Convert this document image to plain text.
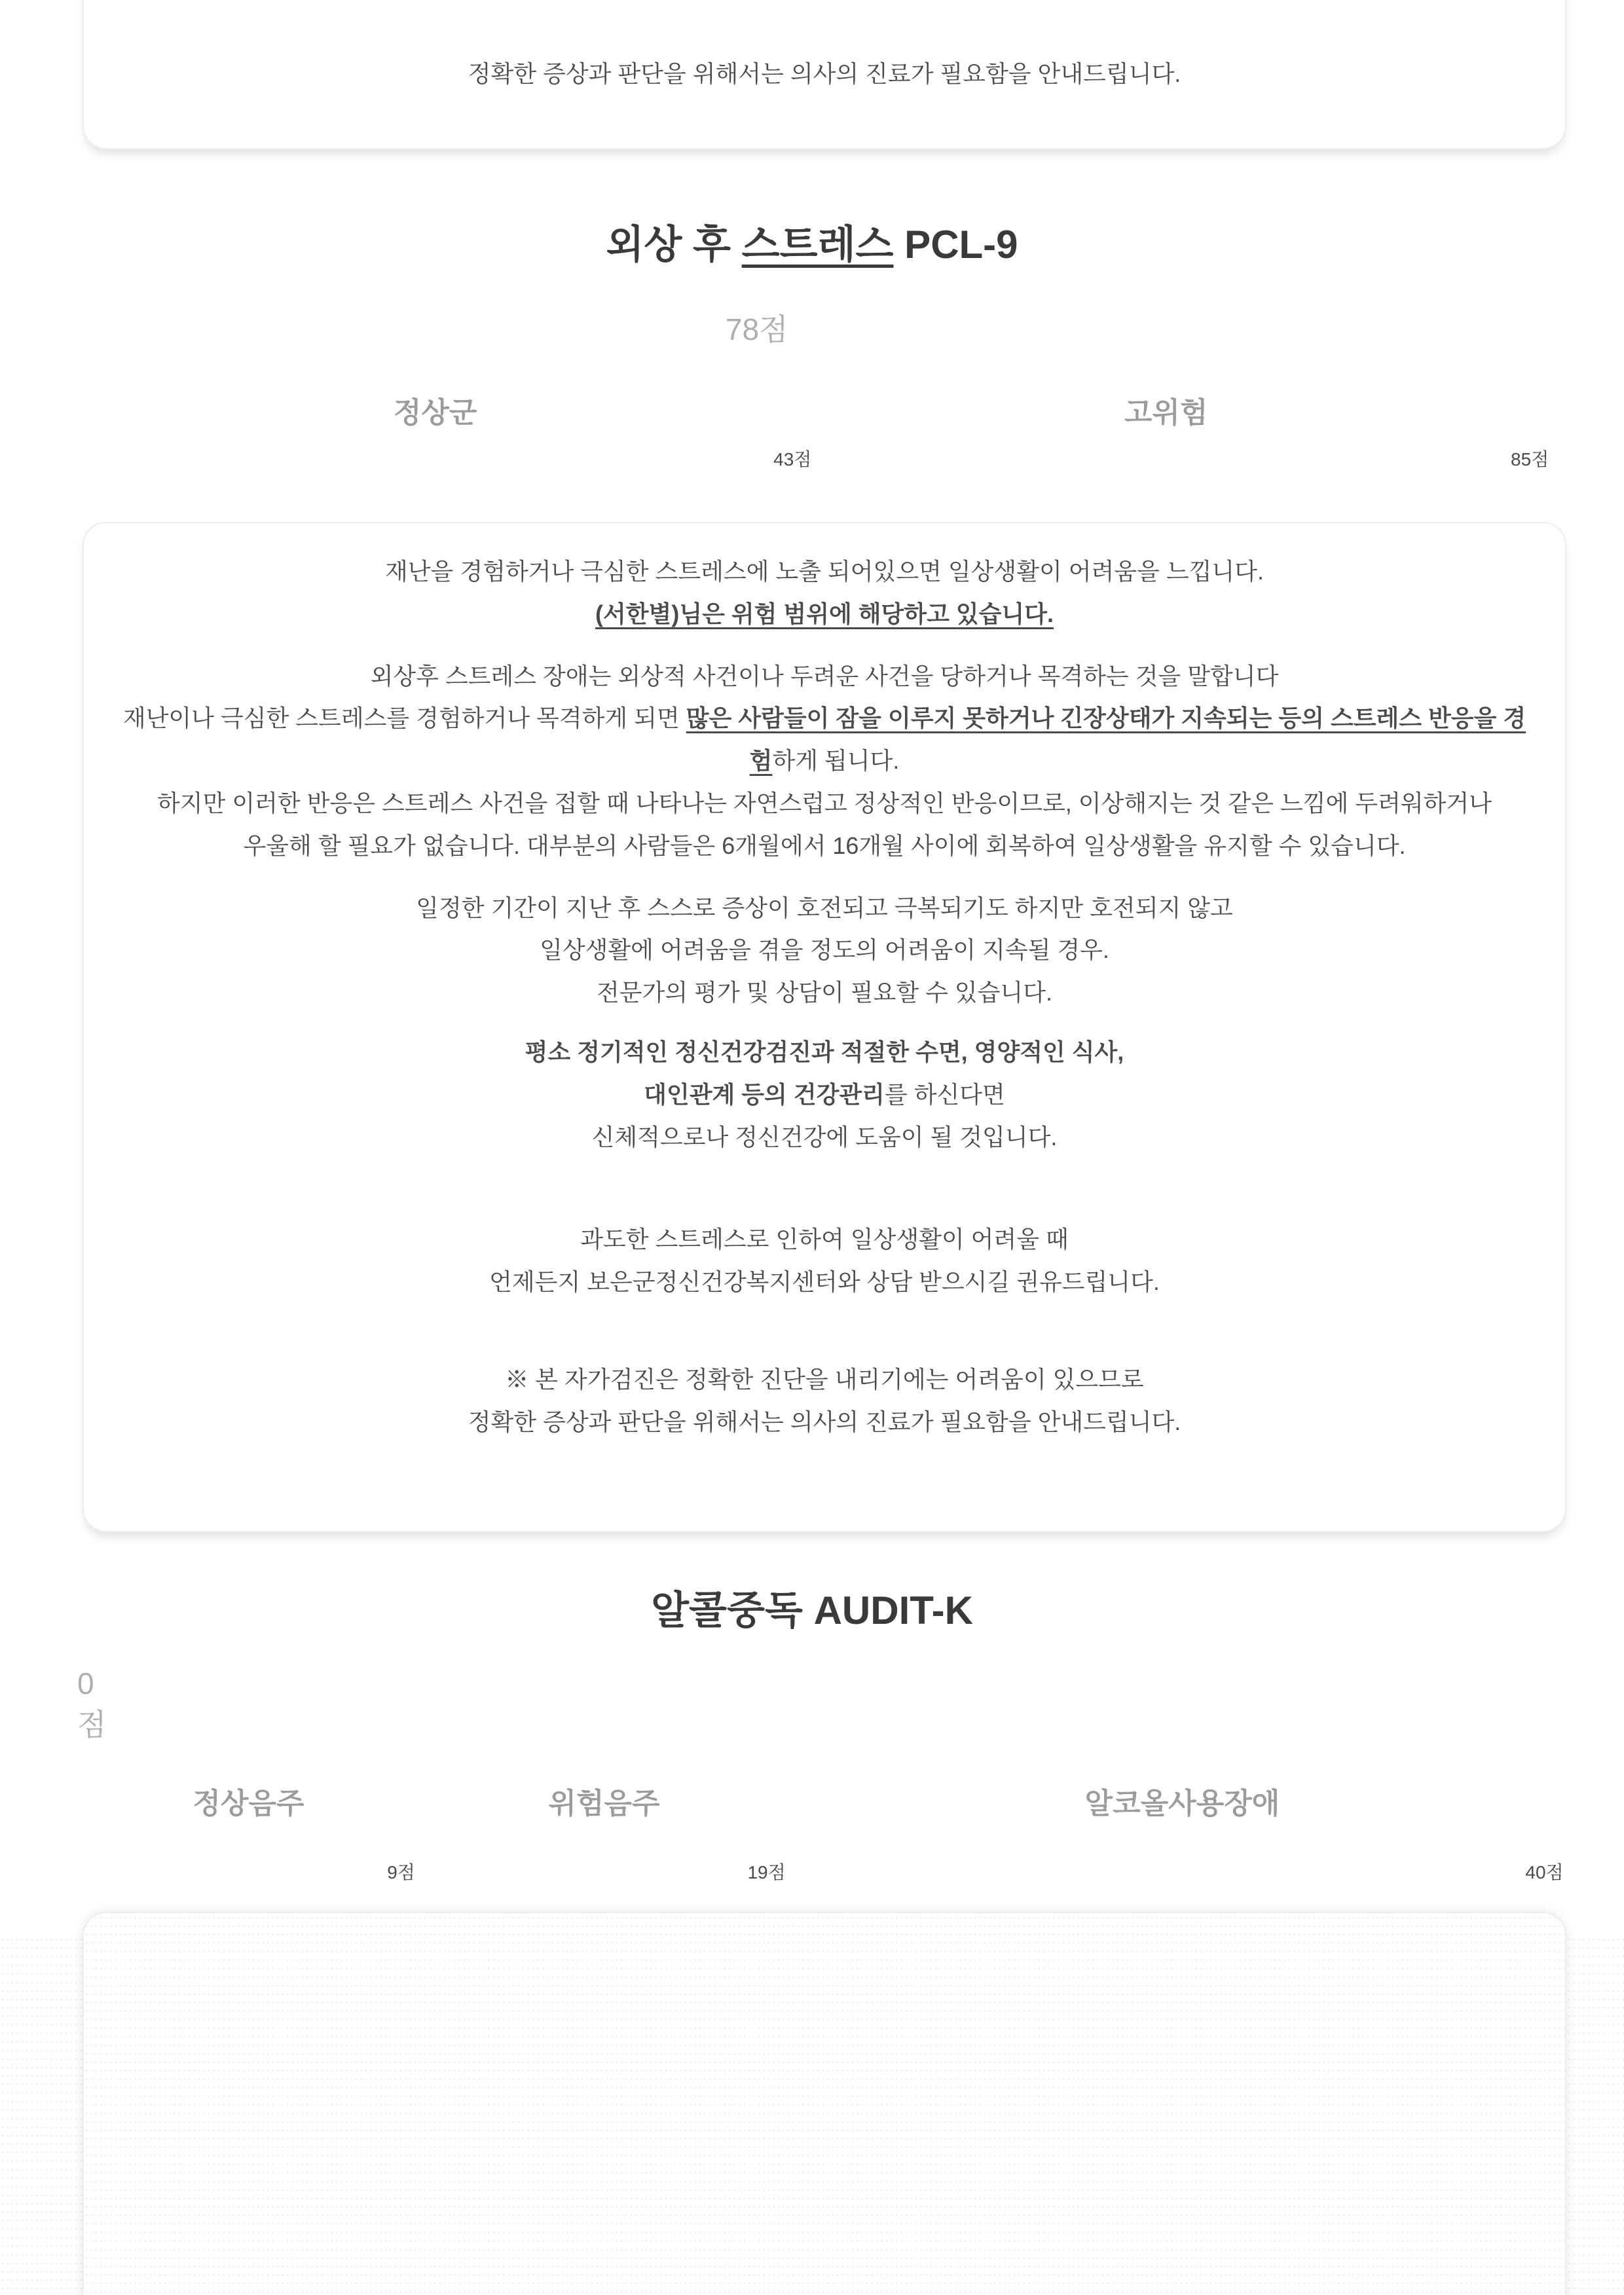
정확한 증상과 판단을 위해서는 의사의 진료가 필요함을 안내드립니다.

외상 후 스트레스 PCL-9
78점
정상군	고위험
43점	85점

재난을 경험하거나 극심한 스트레스에 노출 되어있으면 일상생활이 어려움을 느낍니다.

(서한별)님은 위험 범위에 해당하고 있습니다.

외상후 스트레스 장애는 외상적 사건이나 두려운 사건을 당하거나 목격하는 것을 말합니다

재난이나 극심한 스트레스를 경험하거나 목격하게 되면 많은 사람들이 잠을 이루지 못하거나 긴장상태가 지속되는 등의 스트레스 반응을 경험하게 됩니다.

하지만 이러한 반응은 스트레스 사건을 접할 때 나타나는 자연스럽고 정상적인 반응이므로, 이상해지는 것 같은 느낌에 두려워하거나 우울해 할 필요가 없습니다. 대부분의 사람들은 6개월에서 16개월 사이에 회복하여 일상생활을 유지할 수 있습니다.

일정한 기간이 지난 후 스스로 증상이 호전되고 극복되기도 하지만 호전되지 않고

일상생활에 어려움을 겪을 정도의 어려움이 지속될 경우.

전문가의 평가 및 상담이 필요할 수 있습니다.

평소 정기적인 정신건강검진과 적절한 수면, 영양적인 식사,

대인관계 등의 건강관리를 하신다면

신체적으로나 정신건강에 도움이 될 것입니다.

과도한 스트레스로 인하여 일상생활이 어려울 때

언제든지 보은군정신건강복지센터와 상담 받으시길 권유드립니다.

※ 본 자가검진은 정확한 진단을 내리기에는 어려움이 있으므로

정확한 증상과 판단을 위해서는 의사의 진료가 필요함을 안내드립니다.

알콜중독 AUDIT-K
0점
정상음주	위험음주	알코올사용장애
9점	19점	40점
